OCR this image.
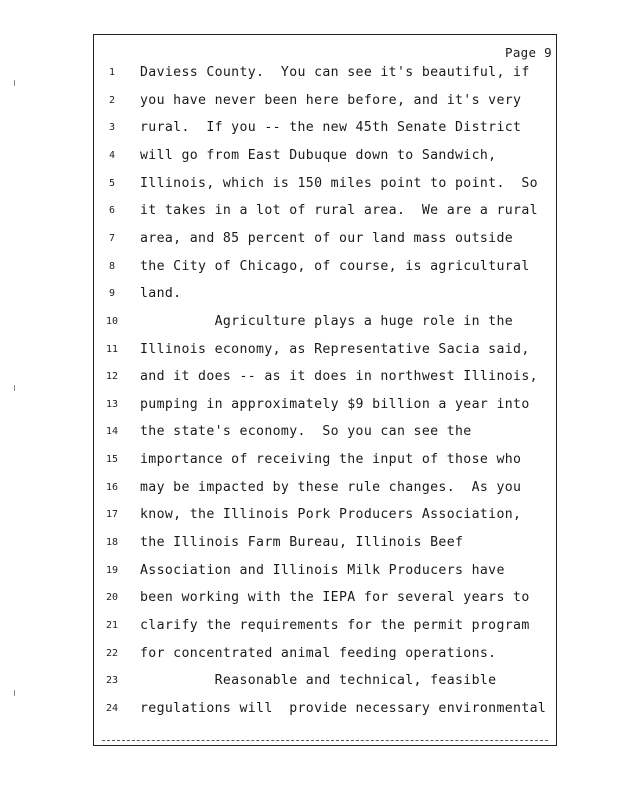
Page 9
1	Daviess County.  You can see it's beautiful, if
2	you have never been here before, and it's very
3	rural.  If you -- the new 45th Senate District
4	will go from East Dubuque down to Sandwich,
5	Illinois, which is 150 miles point to point.  So
6	it takes in a lot of rural area.  We are a rural
7	area, and 85 percent of our land mass outside
8	the City of Chicago, of course, is agricultural
9	land.
10	Agriculture plays a huge role in the
11	Illinois economy, as Representative Sacia said,
12	and it does -- as it does in northwest Illinois,
13	pumping in approximately $9 billion a year into
14	the state's economy.  So you can see the
15	importance of receiving the input of those who
16	may be impacted by these rule changes.  As you
17	know, the Illinois Pork Producers Association,
18	the Illinois Farm Bureau, Illinois Beef
19	Association and Illinois Milk Producers have
20	been working with the IEPA for several years to
21	clarify the requirements for the permit program
22	for concentrated animal feeding operations.
23	Reasonable and technical, feasible
24	regulations will  provide necessary environmental
